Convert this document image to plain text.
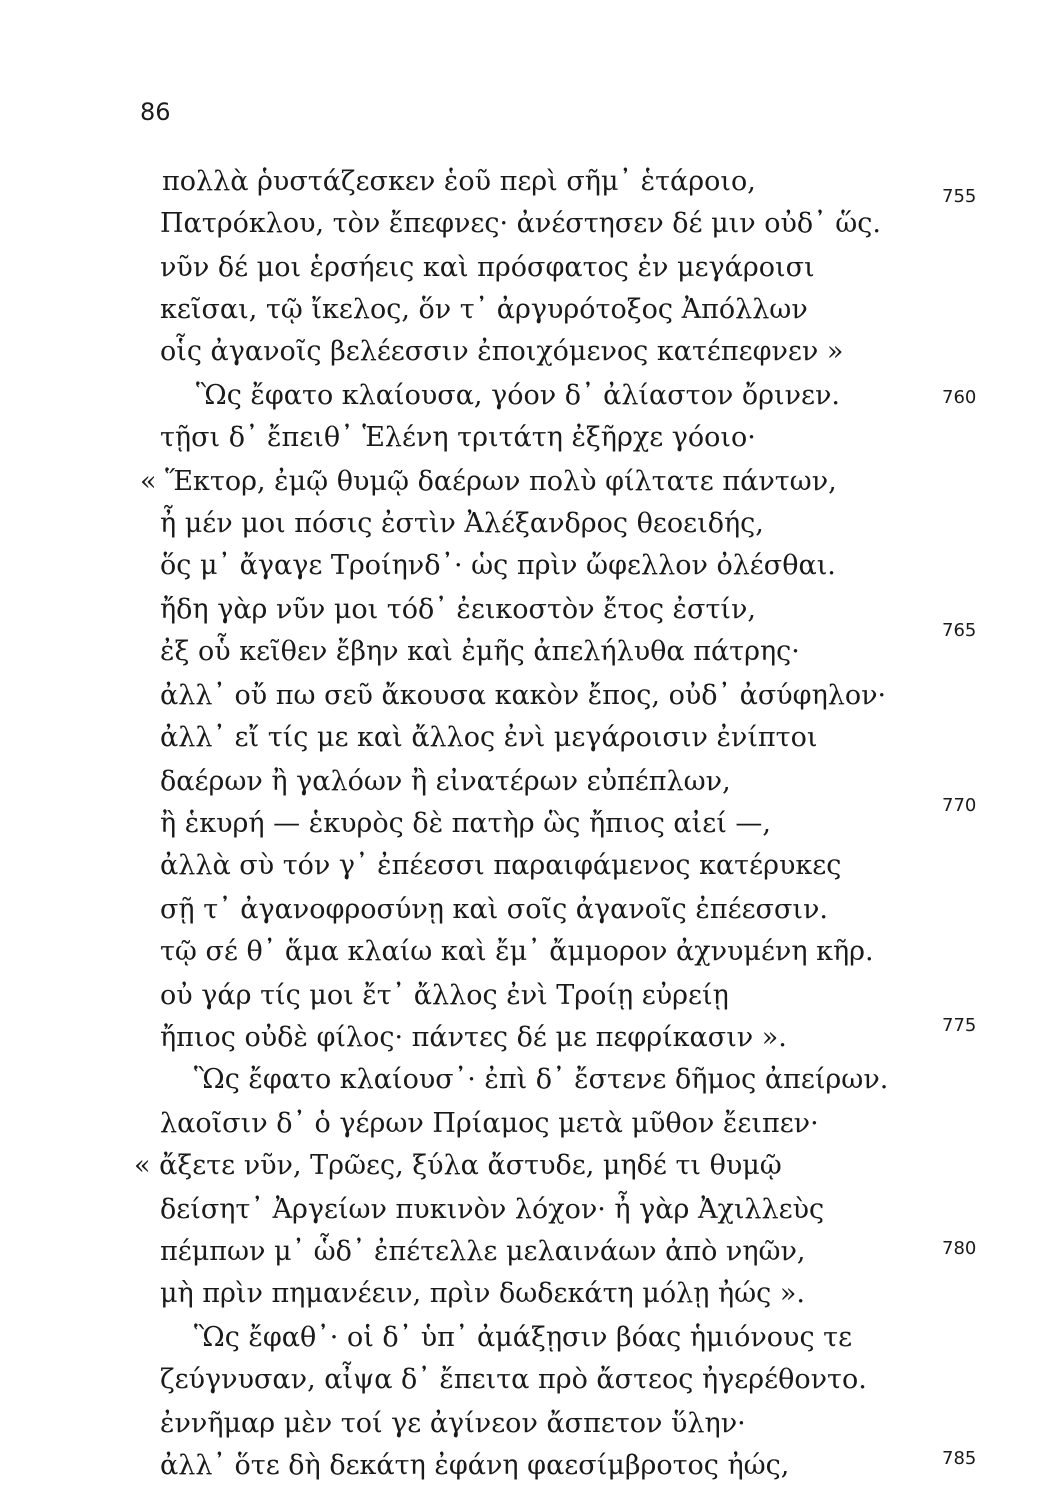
86
πολλὰ ῥυστάζεσκεν ἑοῦ περὶ σῆμ᾽ ἑτάροιο,	755
Πατρόκλου, τὸν ἔπεφνες· ἀνέστησεν δέ μιν οὐδ᾽ ὥς.
νῦν δέ μοι ἑρσήεις καὶ πρόσφατος ἐν μεγάροισι
κεῖσαι, τῷ ἴκελος, ὅν τ᾽ ἀργυρότοξος Ἀπόλλων
οἷς ἀγανοῖς βελέεσσιν ἐποιχόμενος κατέπεφνεν »
Ὣς ἔφατο κλαίουσα, γόον δ᾽ ἀλίαστον ὄρινεν.	760
τῇσι δ᾽ ἔπειθ᾽ Ἑλένη τριτάτη ἐξῆρχε γόοιο·
« Ἕκτορ, ἐμῷ θυμῷ δαέρων πολὺ φίλτατε πάντων,
ἦ μέν μοι πόσις ἐστὶν Ἀλέξανδρος θεοειδής,
ὅς μ᾽ ἄγαγε Τροίηνδ᾽· ὡς πρὶν ὤφελλον ὀλέσθαι.
ἤδη γὰρ νῦν μοι τόδ᾽ ἐεικοστὸν ἔτος ἐστίν,
765
ἐξ οὗ κεῖθεν ἔβην καὶ ἐμῆς ἀπελήλυθα πάτρης·
ἀλλ᾽ οὔ πω σεῦ ἄκουσα κακὸν ἔπος, οὐδ᾽ ἀσύφηλον·
ἀλλ᾽ εἴ τίς με καὶ ἄλλος ἐνὶ μεγάροισιν ἐνίπτοι
δαέρων ἢ γαλόων ἢ εἰνατέρων εὐπέπλων,
ἢ ἑκυρή — ἑκυρὸς δὲ πατὴρ ὣς ἤπιος αἰεί —,
770
ἀλλὰ σὺ τόν γ᾽ ἐπέεσσι παραιφάμενος κατέρυκες
σῇ τ᾽ ἀγανοφροσύνῃ καὶ σοῖς ἀγανοῖς ἐπέεσσιν.
τῷ σέ θ᾽ ἅμα κλαίω καὶ ἔμ᾽ ἄμμορον ἀχνυμένη κῆρ.
οὐ γάρ τίς μοι ἔτ᾽ ἄλλος ἐνὶ Τροίῃ εὐρείῃ
ἤπιος οὐδὲ φίλος· πάντες δέ με πεφρίκασιν ».	775
Ὣς ἔφατο κλαίουσ᾽· ἐπὶ δ᾽ ἔστενε δῆμος ἀπείρων.
λαοῖσιν δ᾽ ὁ γέρων Πρίαμος μετὰ μῦθον ἔειπεν·
« ἄξετε νῦν, Τρῶες, ξύλα ἄστυδε, μηδέ τι θυμῷ
δείσητ᾽ Ἀργείων πυκινὸν λόχον· ἦ γὰρ Ἀχιλλεὺς
πέμπων μ᾽ ὧδ᾽ ἐπέτελλε μελαινάων ἀπὸ νηῶν,	780
μὴ πρὶν πημανέειν, πρὶν δωδεκάτη μόλῃ ἠώς ».
Ὣς ἔφαθ᾽· οἱ δ᾽ ὑπ᾽ ἀμάξῃσιν βόας ἡμιόνους τε
ζεύγνυσαν, αἶψα δ᾽ ἔπειτα πρὸ ἄστεος ἠγερέθοντο.
ἐννῆμαρ μὲν τοί γε ἀγίνεον ἄσπετον ὕλην·
ἀλλ᾽ ὅτε δὴ δεκάτη ἐφάνη φαεσίμβροτος ἠώς,	785
